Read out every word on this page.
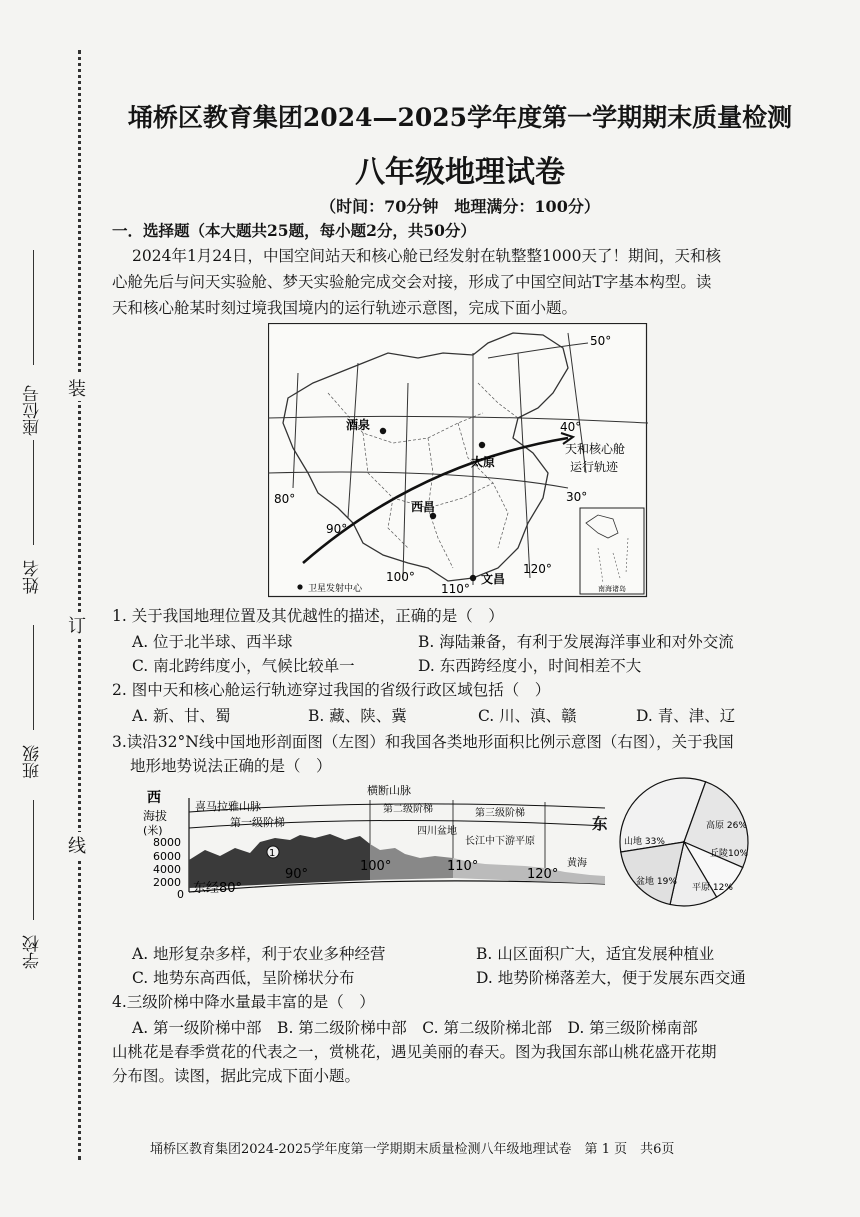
座位号 装
姓名
订
班级
线
学校
埇桥区教育集团2024—2025学年度第一学期期末质量检测
八年级地理试卷
（时间：70分钟　地理满分：100分）
一．选择题（本大题共25题，每小题2分，共50分）
2024年1月24日，中国空间站天和核心舱已经发射在轨整整1000天了！期间，天和核
心舱先后与问天实验舱、梦天实验舱完成交会对接，形成了中国空间站T字基本构型。读
天和核心舱某时刻过境我国境内的运行轨迹示意图，完成下面小题。
南海诸岛
酒泉
太原
西昌
文昌
天和核心舱
运行轨迹
50°
40°
30°
80°
90°
100°
110°
120°
卫星发射中心
1. 关于我国地理位置及其优越性的描述，正确的是（　）
A. 位于北半球、西半球	B. 海陆兼备，有利于发展海洋事业和对外交流
C. 南北跨纬度小，气候比较单一	D. 东西跨经度小，时间相差不大
2. 图中天和核心舱运行轨迹穿过我国的省级行政区域包括（　）
A. 新、甘、蜀	B. 藏、陕、冀	C. 川、滇、赣	D. 青、津、辽
3.读沿32°N线中国地形剖面图（左图）和我国各类地形面积比例示意图（右图），关于我国
地形地势说法正确的是（　）
西
海拔
(米)
8000
6000
4000
2000
0
1
喜马拉雅山脉
横断山脉
第一级阶梯
第二级阶梯	第三级阶梯
四川盆地
长江中下游平原
黄海
东经80°
90°
100°	110°
120°
东
山地 33%
高原 26%
丘陵10%
平原 12%
盆地 19%
A. 地形复杂多样，利于农业多种经营	B. 山区面积广大，适宜发展种植业
C. 地势东高西低，呈阶梯状分布	D. 地势阶梯落差大，便于发展东西交通
4.三级阶梯中降水量最丰富的是（　）
A. 第一级阶梯中部　B. 第二级阶梯中部　C. 第二级阶梯北部　D. 第三级阶梯南部
山桃花是春季赏花的代表之一，赏桃花，遇见美丽的春天。图为我国东部山桃花盛开花期
分布图。读图，据此完成下面小题。
埇桥区教育集团2024-2025学年度第一学期期末质量检测八年级地理试卷　第 1 页　共6页
